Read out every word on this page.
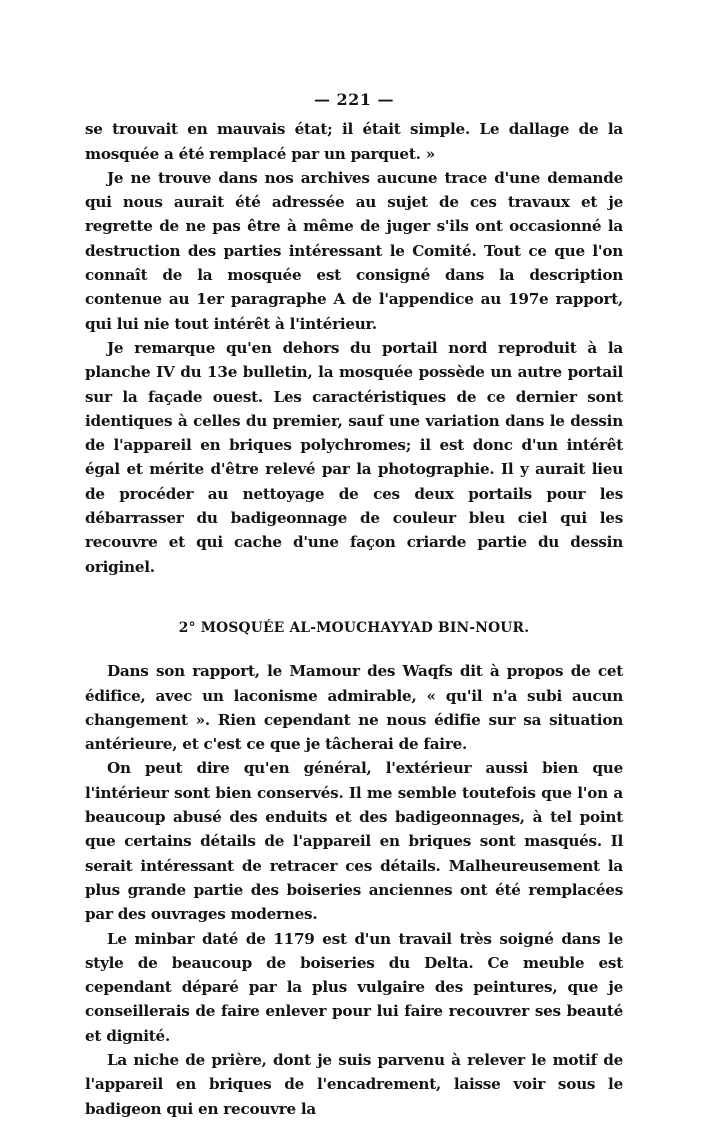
— 221 —

se trouvait en mauvais état; il était simple. Le dallage de la mosquée a été remplacé par un parquet. »

Je ne trouve dans nos archives aucune trace d'une demande qui nous aurait été adressée au sujet de ces travaux et je regrette de ne pas être à même de juger s'ils ont occasionné la destruction des parties intéressant le Comité. Tout ce que l'on connaît de la mosquée est consigné dans la description contenue au 1er paragraphe A de l'appendice au 197e rapport, qui lui nie tout intérêt à l'intérieur.

Je remarque qu'en dehors du portail nord reproduit à la planche IV du 13e bulletin, la mosquée possède un autre portail sur la façade ouest. Les caractéristiques de ce dernier sont identiques à celles du premier, sauf une variation dans le dessin de l'appareil en briques polychromes; il est donc d'un intérêt égal et mérite d'être relevé par la photographie. Il y aurait lieu de procéder au nettoyage de ces deux portails pour les débarrasser du badigeonnage de couleur bleu ciel qui les recouvre et qui cache d'une façon criarde partie du dessin originel.

2° MOSQUÉE AL-MOUCHAYYAD BIN-NOUR.

Dans son rapport, le Mamour des Waqfs dit à propos de cet édifice, avec un laconisme admirable, « qu'il n'a subi aucun changement ». Rien cependant ne nous édifie sur sa situation antérieure, et c'est ce que je tâcherai de faire.

On peut dire qu'en général, l'extérieur aussi bien que l'intérieur sont bien conservés. Il me semble toutefois que l'on a beaucoup abusé des enduits et des badigeonnages, à tel point que certains détails de l'appareil en briques sont masqués. Il serait intéressant de retracer ces détails. Malheureusement la plus grande partie des boiseries anciennes ont été remplacées par des ouvrages modernes.

Le minbar daté de 1179 est d'un travail très soigné dans le style de beaucoup de boiseries du Delta. Ce meuble est cependant déparé par la plus vulgaire des peintures, que je conseillerais de faire enlever pour lui faire recouvrer ses beauté et dignité.

La niche de prière, dont je suis parvenu à relever le motif de l'appareil en briques de l'encadrement, laisse voir sous le badigeon qui en recouvre la
